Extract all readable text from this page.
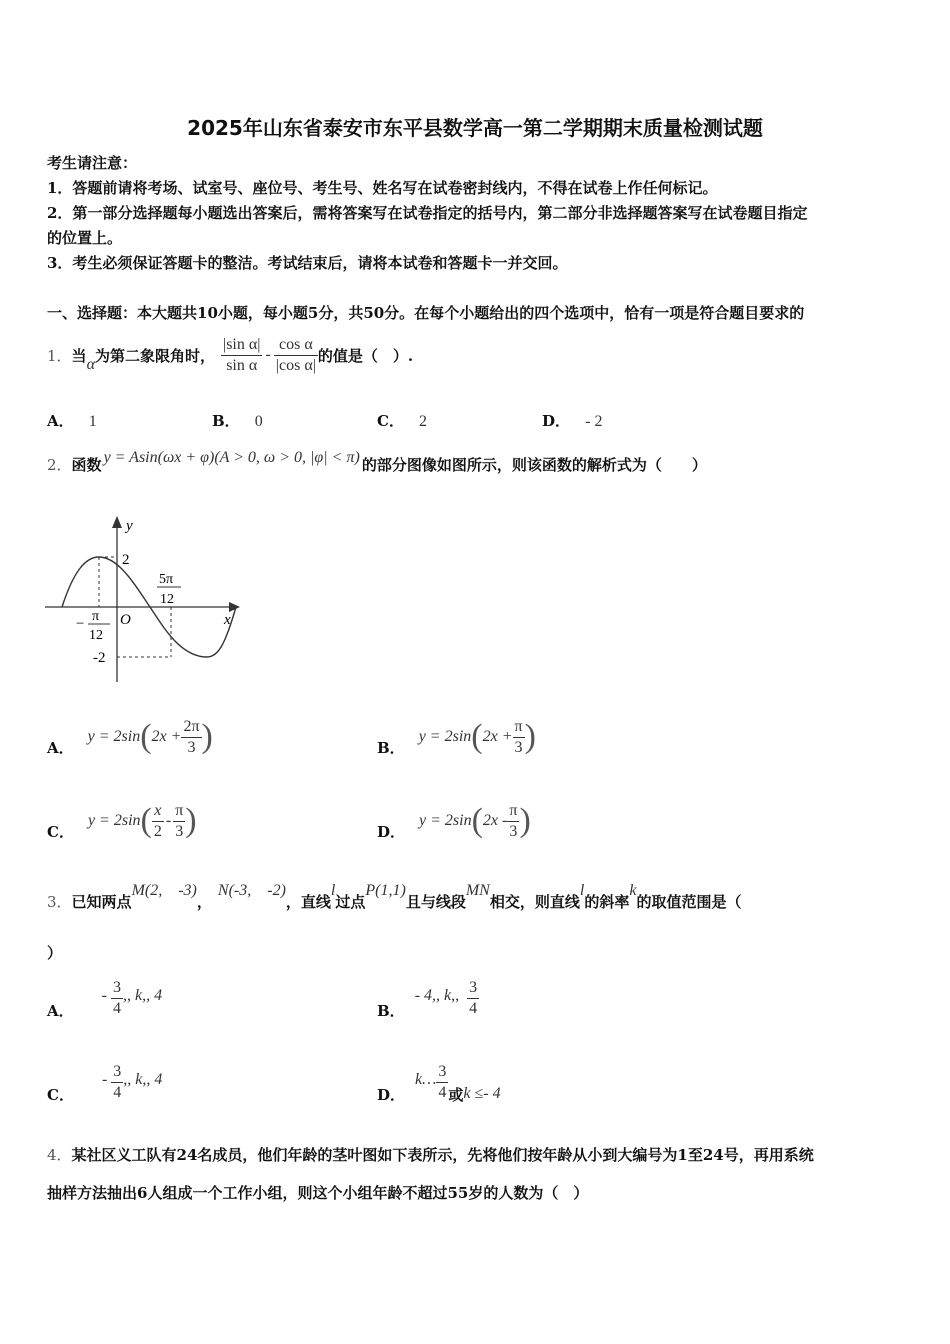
2025年山东省泰安市东平县数学高一第二学期期末质量检测试题
考生请注意：
1．答题前请将考场、试室号、座位号、考生号、姓名写在试卷密封线内，不得在试卷上作任何标记。
2．第一部分选择题每小题选出答案后，需将答案写在试卷指定的括号内，第二部分非选择题答案写在试卷题目指定
的位置上。
3．考生必须保证答题卡的整洁。考试结束后，请将本试卷和答题卡一并交回。
一、选择题：本大题共10小题，每小题5分，共50分。在每个小题给出的四个选项中，恰有一项是符合题目要求的
1． 当 α 为第二象限角时， $\frac{\text{|sin α|}}{\text{sin α}} - \frac{\text{cos α}}{\text{|cos α|}}$ 的值是（　）.
A． 1	B． 0	C． 2	D． - 2
2． 函数 y = Asin(ωx + φ)(A > 0, ω > 0, |φ| < π) 的部分图像如图所示，则该函数的解析式为（　　）
y
x
O
2
-2
− π
12
5π
12
A．
y = 2sin ( $2x + \frac{2\pi}{3}$ )	B．
y = 2sin ( $2x + \frac{\pi}{3}$ )
C．
y = 2sin ( $\frac{x}{2} - \frac{\pi}{3}$ )	D．
y = 2sin ( $2x - \frac{\pi}{3}$ )
3． 已知两点
M(2,　-3)
，
N(-3,　-2)
，直线
l
过点
P(1,1)
且与线段
MN
相交，则直线
l
的斜率
k
的取值范围是（
）
A．
- $\frac{3}{4}$ ,, k,, 4
B．
- 4,, k,, $\frac{3}{4}$
C．
- $\frac{3}{4}$ ,, k,, 4
D．
k… $\frac{3}{4}$ 或 k ≤- 4
4．某社区义工队有24名成员，他们年龄的茎叶图如下表所示，先将他们按年龄从小到大编号为1至24号，再用系统
抽样方法抽出6人组成一个工作小组，则这个小组年龄不超过55岁的人数为（　）
